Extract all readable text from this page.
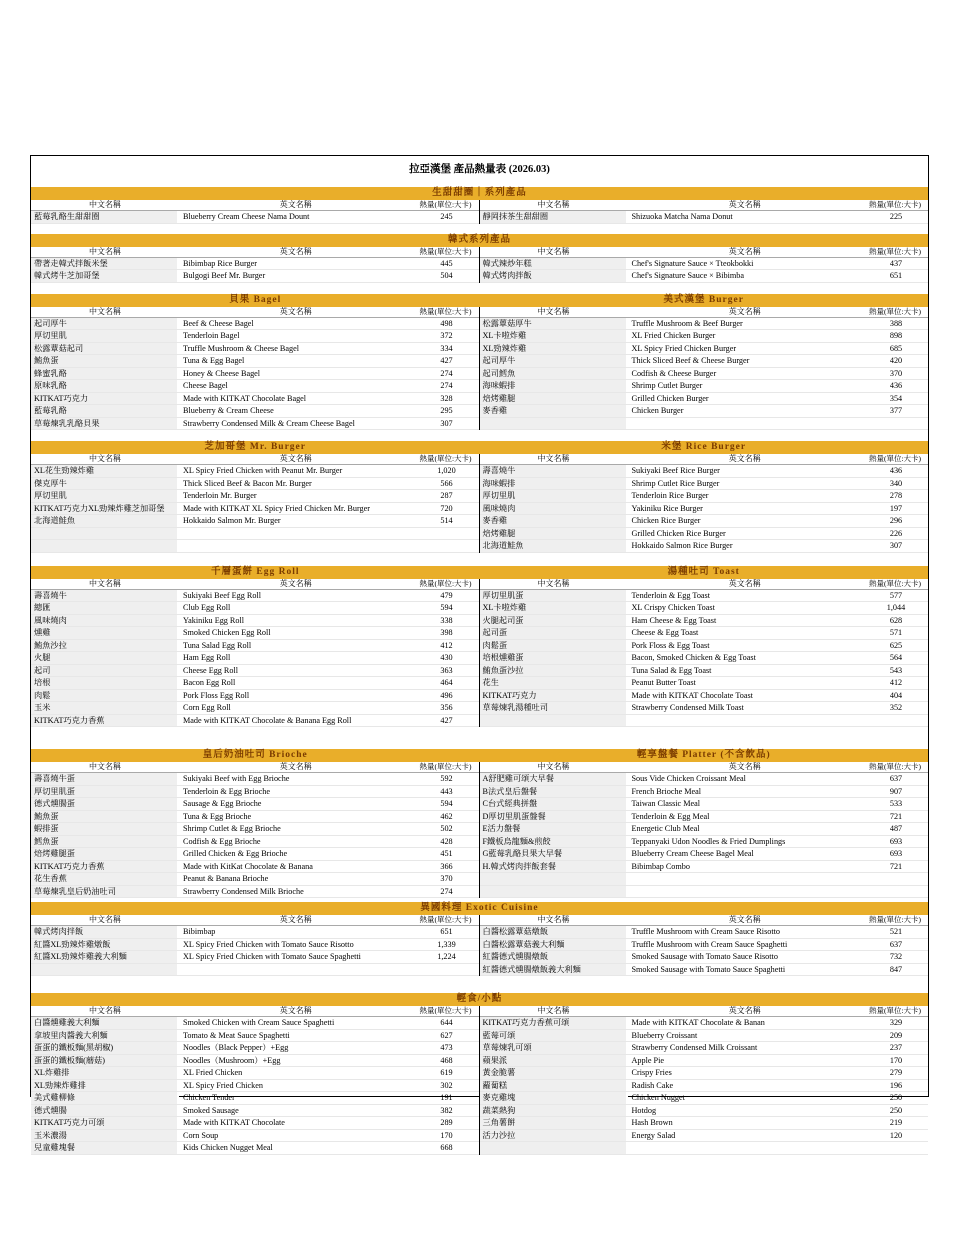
拉亞漢堡 產品熱量表 (2026.03)
生甜甜圈｜系列產品
中文名稱	英文名稱	熱量(單位:大卡)
藍莓乳酪生甜甜圈	Blueberry Cream Cheese Nama Dount	245
中文名稱	英文名稱	熱量(單位:大卡)
靜岡抹茶生甜甜圈	Shizuoka Matcha Nama Donut	225
韓式系列產品
中文名稱	英文名稱	熱量(單位:大卡)
帶著走韓式拌飯米堡	Bibimbap Rice Burger	445
韓式烤牛芝加哥堡	Bulgogi Beef Mr. Burger	504
中文名稱	英文名稱	熱量(單位:大卡)
韓式辣炒年糕	Chef's Signature Sauce × Tteokbokki	437
韓式烤肉拌飯	Chef's Signature Sauce × Bibimba	651
貝果 Bagel
中文名稱	英文名稱	熱量(單位:大卡)
起司厚牛	Beef & Cheese Bagel	498
厚切里肌	Tenderloin Bagel	372
松露蕈菇起司	Truffle Mushroom & Cheese Bagel	334
鮪魚蛋	Tuna & Egg Bagel	427
蜂蜜乳酪	Honey & Cheese Bagel	274
原味乳酪	Cheese Bagel	274
KITKAT巧克力	Made with KITKAT Chocolate Bagel	328
藍莓乳酪	Blueberry & Cream Cheese	295
草莓煉乳乳酪貝果	Strawberry Condensed Milk & Cream Cheese Bagel	307
美式漢堡 Burger
中文名稱	英文名稱	熱量(單位:大卡)
松露蕈菇厚牛	Truffle Mushroom & Beef Burger	388
XL卡啦炸雞	XL Fried Chicken Burger	898
XL勁辣炸雞	XL Spicy Fried Chicken Burger	685
起司厚牛	Thick Sliced Beef & Cheese Burger	420
起司鱈魚	Codfish & Cheese Burger	370
海味蝦排	Shrimp Cutlet Burger	436
焙烤雞腿	Grilled Chicken Burger	354
麥香雞	Chicken Burger	377
芝加哥堡 Mr. Burger
中文名稱	英文名稱	熱量(單位:大卡)
XL花生勁辣炸雞	XL Spicy Fried Chicken with Peanut Mr. Burger	1,020
傑克厚牛	Thick Sliced Beef & Bacon Mr. Burger	566
厚切里肌	Tenderloin Mr. Burger	287
KITKAT巧克力XL勁辣炸雞芝加哥堡	Made with KITKAT XL Spicy Fried Chicken Mr. Burger	720
北海道鮭魚	Hokkaido Salmon Mr. Burger	514
米堡 Rice Burger
中文名稱	英文名稱	熱量(單位:大卡)
壽喜燒牛	Sukiyaki Beef Rice Burger	436
海味蝦排	Shrimp Cutlet Rice Burger	340
厚切里肌	Tenderloin Rice Burger	278
風味燒肉	Yakiniku Rice Burger	197
麥香雞	Chicken Rice Burger	296
焙烤雞腿	Grilled Chicken Rice Burger	226
北海道鮭魚	Hokkaido Salmon Rice Burger	307
千層蛋餅 Egg Roll
中文名稱	英文名稱	熱量(單位:大卡)
壽喜燒牛	Sukiyaki Beef Egg Roll	479
總匯	Club Egg Roll	594
風味燒肉	Yakiniku Egg Roll	338
燻雞	Smoked Chicken Egg Roll	398
鮪魚沙拉	Tuna Salad Egg Roll	412
火腿	Ham Egg Roll	430
起司	Cheese Egg Roll	363
培根	Bacon Egg Roll	464
肉鬆	Pork Floss Egg Roll	496
玉米	Corn Egg Roll	356
KITKAT巧克力香蕉	Made with KITKAT Chocolate & Banana Egg Roll	427
湯種吐司 Toast
中文名稱	英文名稱	熱量(單位:大卡)
厚切里肌蛋	Tenderloin & Egg Toast	577
XL卡啦炸雞	XL Crispy Chicken Toast	1,044
火腿起司蛋	Ham Cheese & Egg Toast	628
起司蛋	Cheese & Egg Toast	571
肉鬆蛋	Pork Floss & Egg Toast	625
培根燻雞蛋	Bacon, Smoked Chicken & Egg Toast	564
鮪魚蛋沙拉	Tuna Salad & Egg Toast	543
花生	Peanut Butter Toast	412
KITKAT巧克力	Made with KITKAT Chocolate Toast	404
草莓煉乳湯種吐司	Strawberry Condensed Milk Toast	352
皇后奶油吐司 Brioche
中文名稱	英文名稱	熱量(單位:大卡)
壽喜燒牛蛋	Sukiyaki Beef with Egg Brioche	592
厚切里肌蛋	Tenderloin & Egg Brioche	443
德式燻腸蛋	Sausage & Egg Brioche	594
鮪魚蛋	Tuna & Egg Brioche	462
蝦排蛋	Shrimp Cutlet & Egg Brioche	502
鱈魚蛋	Codfish & Egg Brioche	428
焙烤雞腿蛋	Grilled Chicken & Egg Brioche	451
KITKAT巧克力香蕉	Made with KitKat Chocolate & Banana	366
花生香蕉	Peanut & Banana Brioche	370
草莓煉乳皇后奶油吐司	Strawberry Condensed Milk Brioche	274
輕享盤餐 Platter (不含飲品)
中文名稱	英文名稱	熱量(單位:大卡)
A舒肥雞可頌大早餐	Sous Vide Chicken Croissant Meal	637
B法式皇后盤餐	French Brioche Meal	907
C台式經典拼盤	Taiwan Classic Meal	533
D厚切里肌蛋盤餐	Tenderloin & Egg Meal	721
E活力盤餐	Energetic Club Meal	487
F鐵板烏龍麵&煎餃	Teppanyaki Udon Noodles & Fried Dumplings	693
G藍莓乳酪貝果大早餐	Blueberry Cream Cheese Bagel Meal	693
H.韓式烤肉拌飯套餐	Bibimbap Combo	721
異國料理 Exotic Cuisine
中文名稱	英文名稱	熱量(單位:大卡)
韓式烤肉拌飯	Bibimbap	651
紅醬XL勁辣炸雞燉飯	XL Spicy Fried Chicken with Tomato Sauce Risotto	1,339
紅醬XL勁辣炸雞義大利麵	XL Spicy Fried Chicken with Tomato Sauce Spaghetti	1,224
中文名稱	英文名稱	熱量(單位:大卡)
白醬松露蕈菇燉飯	Truffle Mushroom with Cream Sauce Risotto	521
白醬松露蕈菇義大利麵	Truffle Mushroom with Cream Sauce Spaghetti	637
紅醬德式燻腸燉飯	Smoked Sausage with Tomato Sauce Risotto	732
紅醬德式燻腸燉飯義大利麵	Smoked Sausage with Tomato Sauce Spaghetti	847
輕食/小點
中文名稱	英文名稱	熱量(單位:大卡)
白醬燻雞義大利麵	Smoked Chicken with Cream Sauce Spaghetti	644
拿坡里肉醬義大利麵	Tomato & Meat Sauce Spaghetti	627
蛋蛋的鐵板麵(黑胡椒)	Noodles（Black Pepper）+Egg	473
蛋蛋的鐵板麵(蘑菇)	Noodles（Mushroom）+Egg	468
XL炸雞排	XL Fried Chicken	619
XL勁辣炸雞排	XL Spicy Fried Chicken	302
美式雞柳條	Chicken Tender	191
德式燻腸	Smoked Sausage	382
KITKAT巧克力可頌	Made with KITKAT Chocolate	289
玉米濃湯	Corn Soup	170
兒童雞塊餐	Kids Chicken Nugget Meal	668
中文名稱	英文名稱	熱量(單位:大卡)
KITKAT巧克力香蕉可頌	Made with KITKAT Chocolate & Banan	329
藍莓可頌	Blueberry Croissant	209
草莓煉乳可頌	Strawberry Condensed Milk Croissant	237
蘋果派	Apple Pie	170
黃金脆薯	Crispy Fries	279
蘿蔔糕	Radish Cake	196
麥克雞塊	Chicken Nugget	250
蔬菜熱狗	Hotdog	250
三角薯餅	Hash Brown	219
活力沙拉	Energy Salad	120
